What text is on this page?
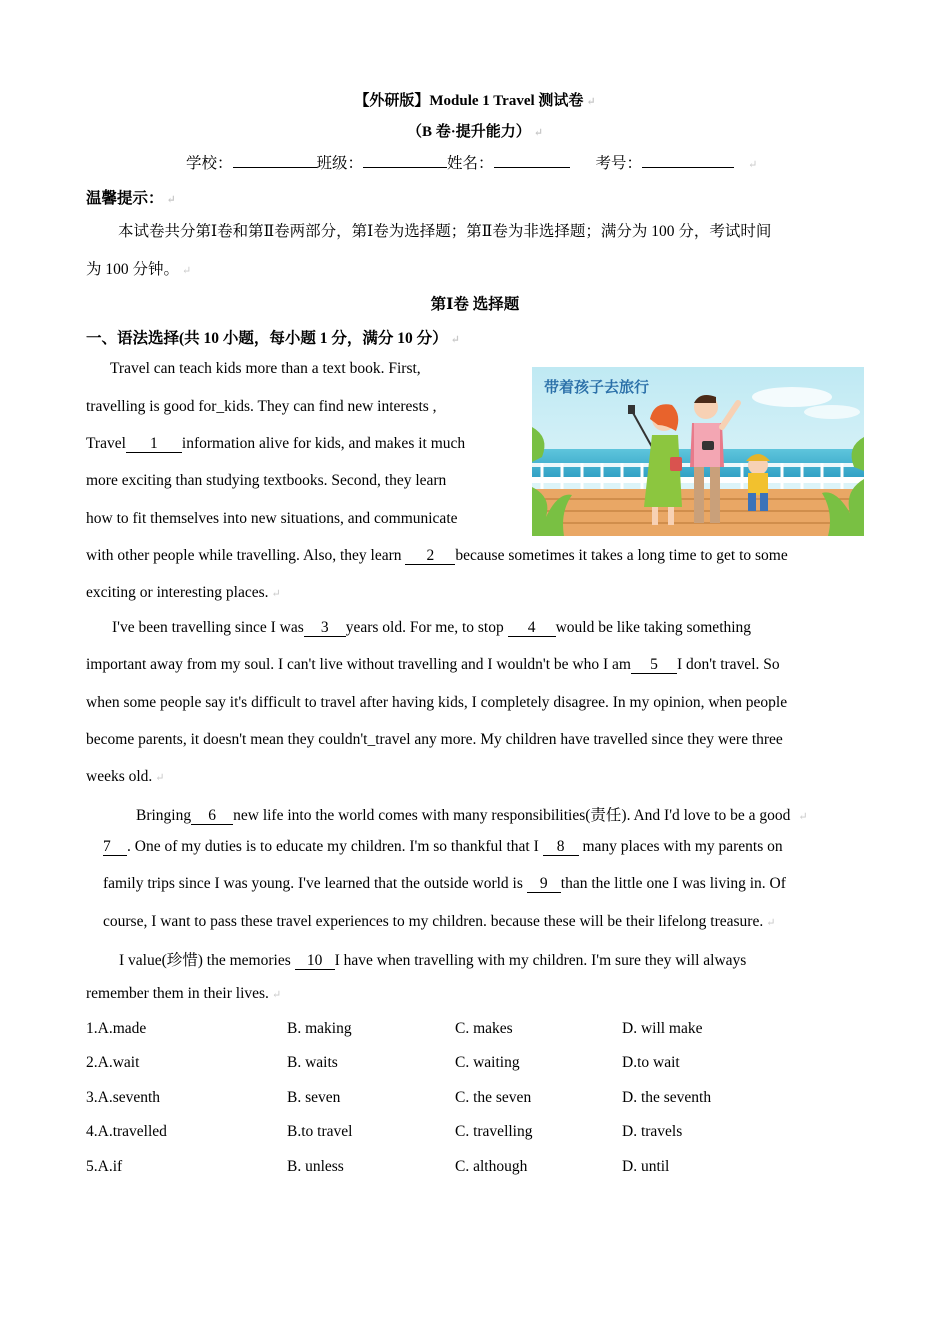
【外研版】Module 1 Travel 测试卷 ↵
（B 卷·提升能力） ↵
学校：	班级：	姓名：	考号：	↵
温馨提示： ↵
本试卷共分第Ⅰ卷和第Ⅱ卷两部分，第Ⅰ卷为选择题；第Ⅱ卷为非选择题；满分为 100 分，考试时间
为 100 分钟。 ↵
第Ⅰ卷 选择题
一、语法选择(共 10 小题，每小题 1 分，满分 10 分） ↵
带着孩子去旅行
Travel can teach kids more than a text book. First,
travelling is good for_kids. They can find new interests ,
Travel 1 information alive for kids, and makes it much
more exciting than studying textbooks. Second, they learn
how to fit themselves into new situations, and communicate
with other people while travelling. Also, they learn 2 because sometimes it takes a long time to get to some
exciting or interesting places. ↵
I've been travelling since I was 3 years old. For me, to stop 4 would be like taking something
important away from my soul. I can't live without travelling and I wouldn't be who I am 5 I don't travel. So
when some people say it's difficult to travel after having kids, I completely disagree. In my opinion, when people
become parents, it doesn't mean they couldn't_travel any more. My children have travelled since they were three
weeks old. ↵
Bringing 6 new life into the world comes with many responsibilities(责任). And I'd love to be a good ↵
7 . One of my duties is to educate my children. I'm so thankful that I 8 many places with my parents on
family trips since I was young. I've learned that the outside world is 9 than the little one I was living in. Of
course, I want to pass these travel experiences to my children. because these will be their lifelong treasure. ↵
I value(珍惜) the memories 10 I have when travelling with my children. I'm sure they will always
remember them in their lives. ↵
1.A.made	B. making	C. makes	D. will make
2.A.wait	B. waits	C. waiting	D.to wait
3.A.seventh	B. seven	C. the seven	D. the seventh
4.A.travelled	B.to travel	C. travelling	D. travels
5.A.if	B. unless	C. although	D. until
